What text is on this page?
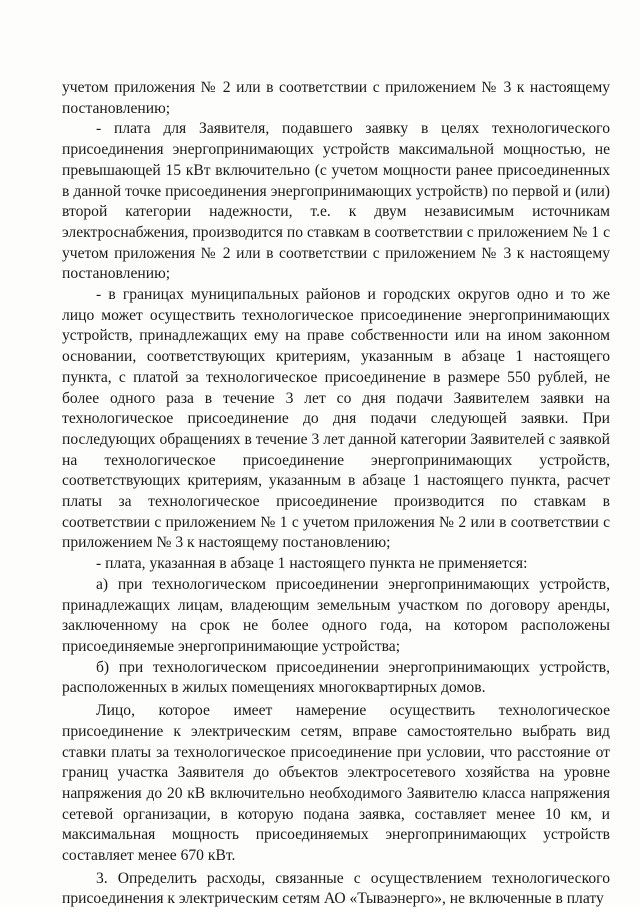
учетом приложения № 2 или в соответствии с приложением № 3 к настоящему постановлению;

- плата для Заявителя, подавшего заявку в целях технологического присоединения энергопринимающих устройств максимальной мощностью, не превышающей 15 кВт включительно (с учетом мощности ранее присоединенных в данной точке присоединения энергопринимающих устройств) по первой и (или) второй категории надежности, т.е. к двум независимым источникам электроснабжения, производится по ставкам в соответствии с приложением № 1 с учетом приложения № 2 или в соответствии с приложением № 3 к настоящему постановлению;

- в границах муниципальных районов и городских округов одно и то же лицо может осуществить технологическое присоединение энергопринимающих устройств, принадлежащих ему на праве собственности или на ином законном основании, соответствующих критериям, указанным в абзаце 1 настоящего пункта, с платой за технологическое присоединение в размере 550 рублей, не более одного раза в течение 3 лет со дня подачи Заявителем заявки на технологическое присоединение до дня подачи следующей заявки. При последующих обращениях в течение 3 лет данной категории Заявителей с заявкой на технологическое присоединение энергопринимающих устройств, соответствующих критериям, указанным в абзаце 1 настоящего пункта, расчет платы за технологическое присоединение производится по ставкам в соответствии с приложением № 1 с учетом приложения № 2 или в соответствии с приложением № 3 к настоящему постановлению;

- плата, указанная в абзаце 1 настоящего пункта не применяется:

а) при технологическом присоединении энергопринимающих устройств, принадлежащих лицам, владеющим земельным участком по договору аренды, заключенному на срок не более одного года, на котором расположены присоединяемые энергопринимающие устройства;

б) при технологическом присоединении энергопринимающих устройств, расположенных в жилых помещениях многоквартирных домов.

Лицо, которое имеет намерение осуществить технологическое присоединение к электрическим сетям, вправе самостоятельно выбрать вид ставки платы за технологическое присоединение при условии, что расстояние от границ участка Заявителя до объектов электросетевого хозяйства на уровне напряжения до 20 кВ включительно необходимого Заявителю класса напряжения сетевой организации, в которую подана заявка, составляет менее 10 км, и максимальная мощность присоединяемых энергопринимающих устройств составляет менее 670 кВт.

3. Определить расходы, связанные с осуществлением технологического присоединения к электрическим сетям АО «Тываэнерго», не включенные в плату
